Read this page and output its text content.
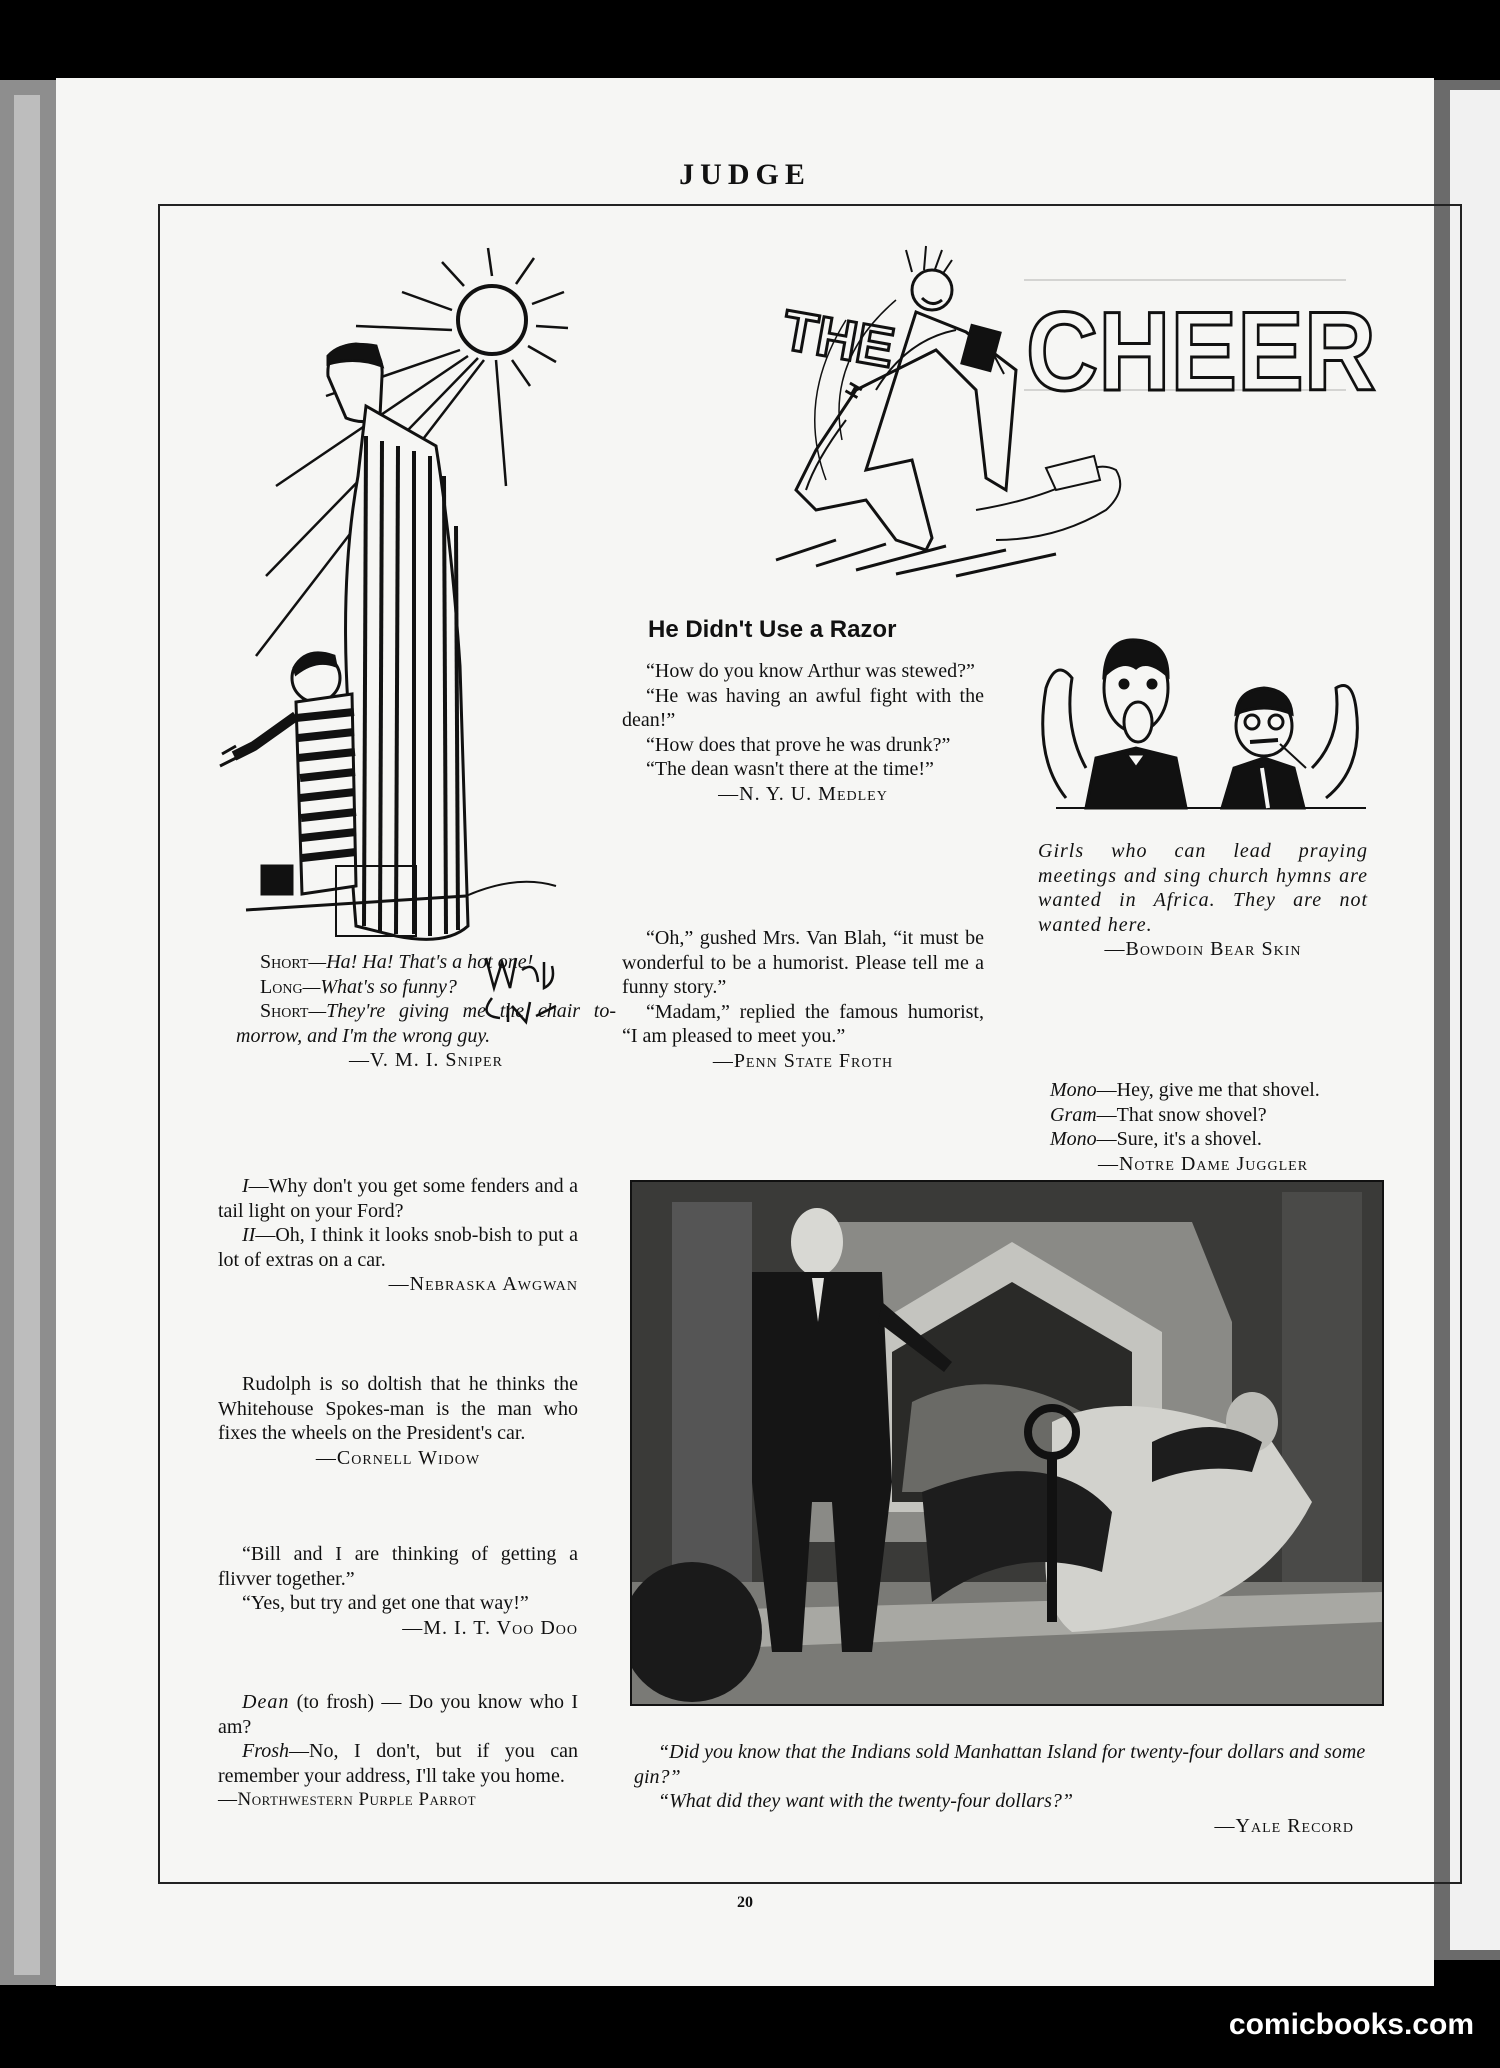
JUDGE

Short—Ha! Ha! That's a hot one!

Long—What's so funny?

Short—They're giving me the chair to-morrow, and I'm the wrong guy.

—V. M. I. Sniper

THE CHEER
H
He Didn't Use a Razor

“How do you know Arthur was stewed?”

“He was having an awful fight with the dean!”

“How does that prove he was drunk?”

“The dean wasn't there at the time!”

—N. Y. U. Medley

“Oh,” gushed Mrs. Van Blah, “it must be wonderful to be a humorist. Please tell me a funny story.”

“Madam,” replied the famous humorist, “I am pleased to meet you.”

—Penn State Froth

Girls who can lead praying meetings and sing church hymns are wanted in Africa. They are not wanted here.

—Bowdoin Bear Skin

Mono—Hey, give me that shovel.

Gram—That snow shovel?

Mono—Sure, it's a shovel.

—Notre Dame Juggler

I—Why don't you get some fenders and a tail light on your Ford?

II—Oh, I think it looks snob-bish to put a lot of extras on a car.

—Nebraska Awgwan

Rudolph is so doltish that he thinks the Whitehouse Spokes-man is the man who fixes the wheels on the President's car.

—Cornell Widow

“Bill and I are thinking of getting a flivver together.”

“Yes, but try and get one that way!”

—M. I. T. Voo Doo

Dean (to frosh) — Do you know who I am?

Frosh—No, I don't, but if you can remember your address, I'll take you home.

—Northwestern Purple Parrot

“Did you know that the Indians sold Manhattan Island for twenty-four dollars and some gin?”

“What did they want with the twenty-four dollars?”

—Yale Record

20
comicbooks.com
